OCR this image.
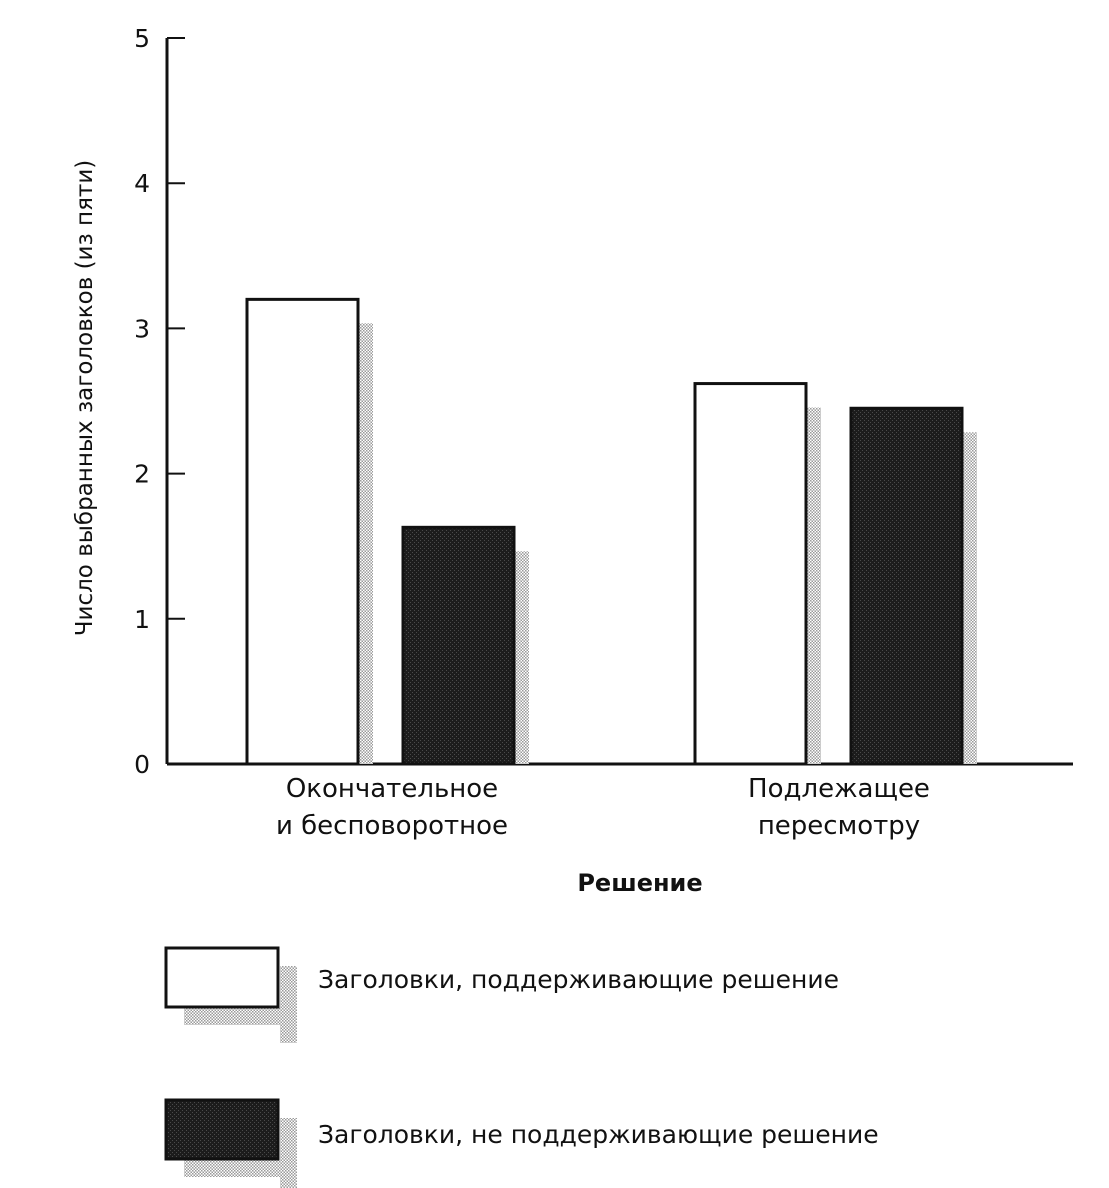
0
1
2
3
4
5
Число выбранных заголовков (из пяти)
Окончательное
и бесповоротное
Подлежащее
пересмотру
Решение
Заголовки, поддерживающие решение
Заголовки, не поддерживающие решение
